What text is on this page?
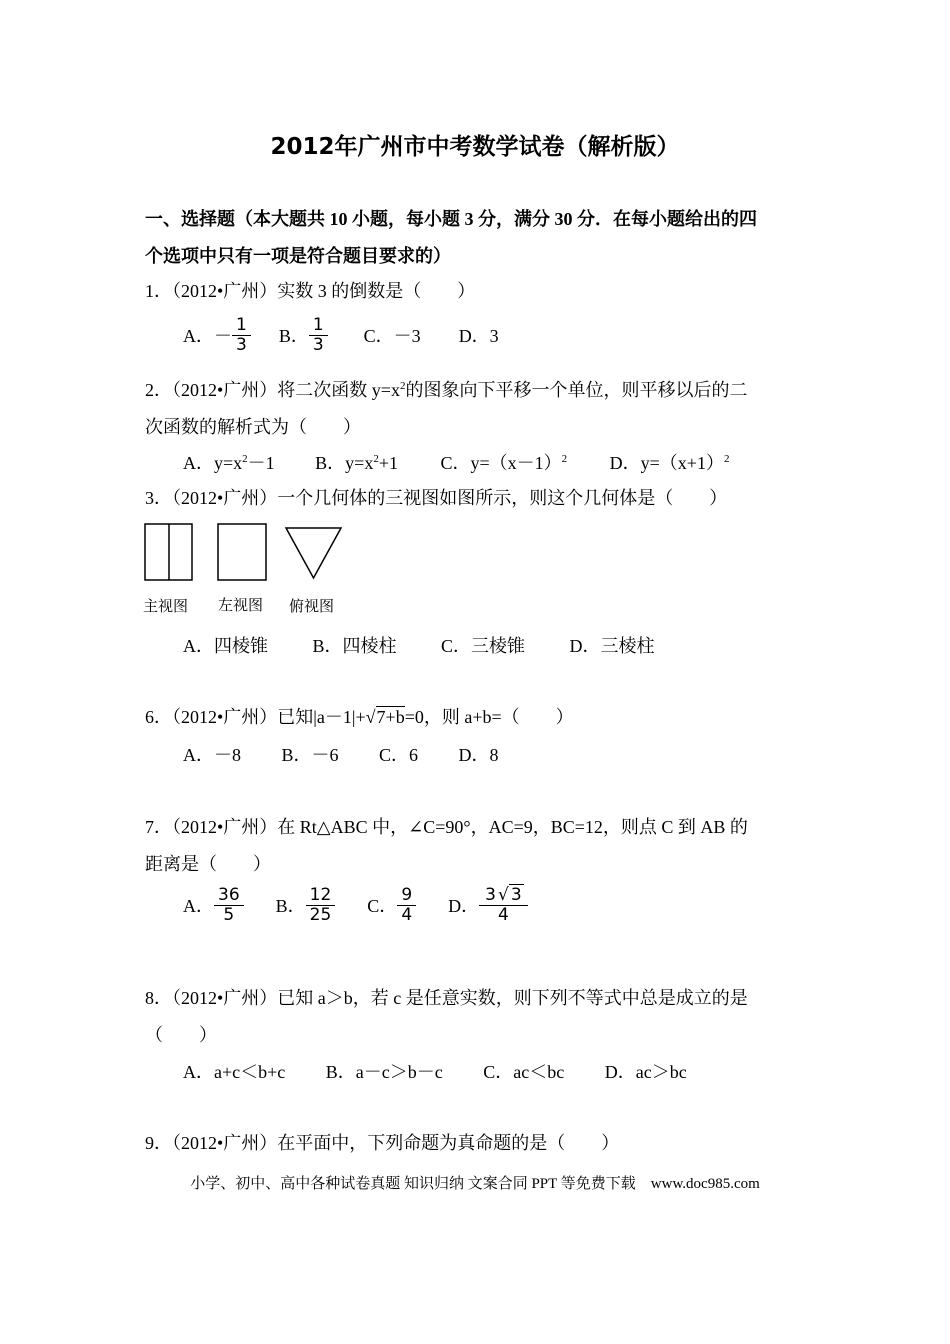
2012年广州市中考数学试卷（解析版）
一、选择题（本大题共 10 小题，每小题 3 分，满分 30 分．在每小题给出的四
个选项中只有一项是符合题目要求的）
1．（2012•广州）实数 3 的倒数是（　　）
A．－ $\frac{1}{3}$ B． $\frac{1}{3}$ C．－3 D．3
2．（2012•广州）将二次函数 $y=x^2$的图象向下平移一个单位，则平移以后的二
次函数的解析式为（　　）
A．$y=x^2-1$ B．$y=x^2+1$ C．$y=(x-1)^2$ D．$y=(x+1)^2$
3．（2012•广州）一个几何体的三视图如图所示，则这个几何体是（　　）
主视图 左视图 俯视图
A．四棱锥 B．四棱柱 C．三棱锥 D．三棱柱
6．（2012•广州）已知|a－1|+√7+b=0，则 a+b=（　　）
A．－8 B．－6 C．6 D．8
7．（2012•广州）在 Rt△ABC 中，∠C=90°，AC=9，BC=12，则点 C 到 AB 的
距离是（　　）
A． $\frac{36}{5}$ B． $\frac{12}{25}$ C． $\frac{9}{4}$ D． $\frac{3 √ 3}{4}$
8．（2012•广州）已知 a＞b，若 c 是任意实数，则下列不等式中总是成立的是
（　　）
A．a+c＜b+c B．a－c＞b－c C．ac＜bc D．ac＞bc
9．（2012•广州）在平面中，下列命题为真命题的是（　　）
小学、初中、高中各种试卷真题 知识归纳 文案合同 PPT 等免费下载　www.doc985.com
